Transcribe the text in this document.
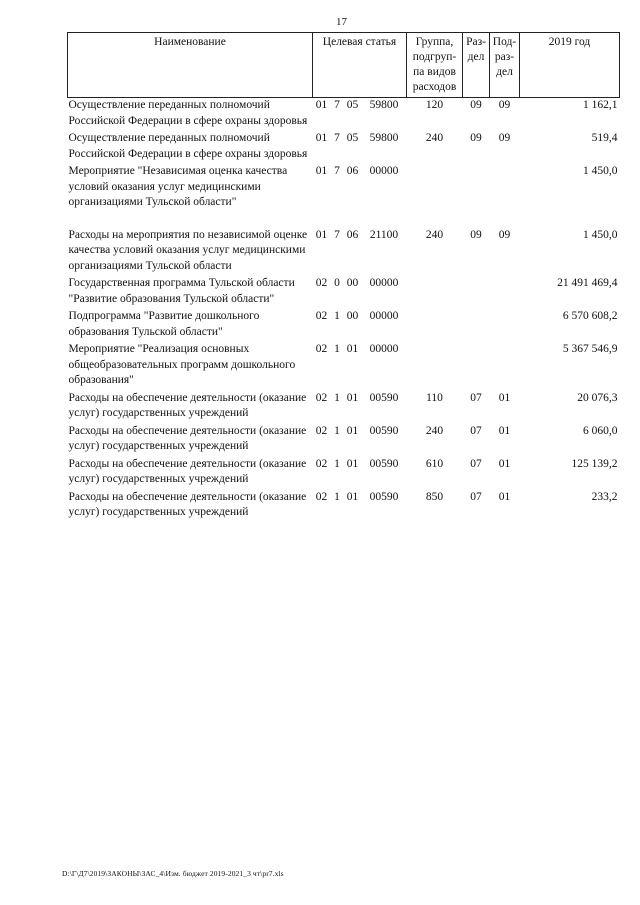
17
Наименование	Целевая статья				Группа, подгруп-па видов расходов	Раз-дел	Под-раз-дел	2019 год
Осуществление переданных полномочий Российской Федерации в сфере охраны здоровья	01	7	05	59800	120	09	09	1 162,1
Осуществление переданных полномочий Российской Федерации в сфере охраны здоровья	01	7	05	59800	240	09	09	519,4
Мероприятие "Независимая оценка качества условий оказания услуг медицинскими организациями Тульской области"	01	7	06	00000				1 450,0
Расходы на мероприятия по независимой оценке качества условий оказания услуг медицинскими организациями Тульской области	01	7	06	21100	240	09	09	1 450,0
Государственная программа Тульской области "Развитие образования Тульской области"	02	0	00	00000				21 491 469,4
Подпрограмма "Развитие дошкольного образования Тульской области"	02	1	00	00000				6 570 608,2
Мероприятие "Реализация основных общеобразовательных программ дошкольного образования"	02	1	01	00000				5 367 546,9
Расходы на обеспечение деятельности (оказание услуг) государственных учреждений	02	1	01	00590	110	07	01	20 076,3
Расходы на обеспечение деятельности (оказание услуг) государственных учреждений	02	1	01	00590	240	07	01	6 060,0
Расходы на обеспечение деятельности (оказание услуг) государственных учреждений	02	1	01	00590	610	07	01	125 139,2
Расходы на обеспечение деятельности (оказание услуг) государственных учреждений	02	1	01	00590	850	07	01	233,2
D:\Г\Д7\2019\ЗАКОНЫ\ЗАС_4\Изм. бюджет 2019-2021_3 чт\pr7.xls
